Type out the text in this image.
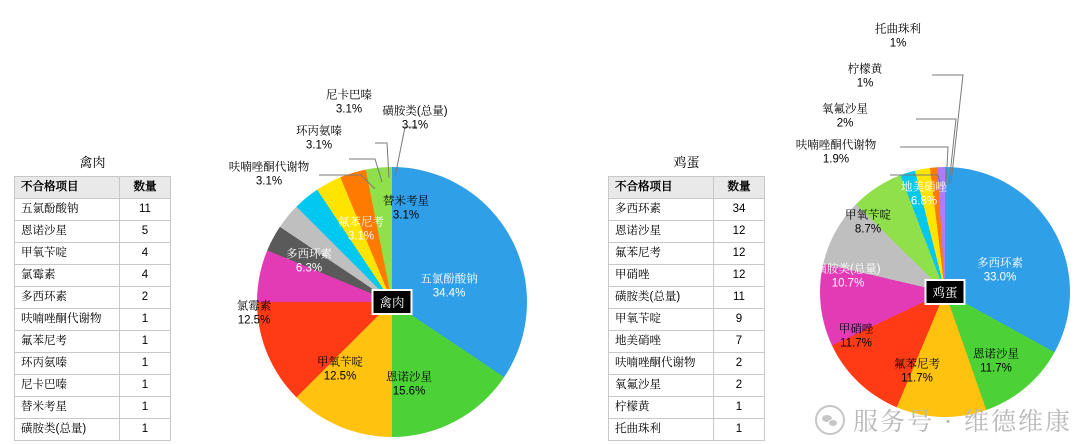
禽肉
不合格项目	数量
五氯酚酸钠	11
恩诺沙星	5
甲氧苄啶	4
氯霉素	4
多西环素	2
呋喃唑酮代谢物	1
氟苯尼考	1
环丙氨嗪	1
尼卡巴嗪	1
替米考星	1
磺胺类(总量)	1
禽肉
五氯酚酸钠
34.4%
恩诺沙星
15.6%
甲氧苄啶
12.5%
氯霉素
12.5%
多西环素
6.3%
呋喃唑酮代谢物
3.1%
氟苯尼考
3.1%
环丙氨嗪
3.1%
尼卡巴嗪
3.1%
替米考星
3.1%
磺胺类(总量)
3.1%
鸡蛋
不合格项目	数量
多西环素	34
恩诺沙星	12
氟苯尼考	12
甲硝唑	12
磺胺类(总量)	11
甲氧苄啶	9
地美硝唑	7
呋喃唑酮代谢物	2
氧氟沙星	2
柠檬黄	1
托曲珠利	1
鸡蛋
多西环素
33.0%
恩诺沙星
11.7%
氟苯尼考
11.7%
甲硝唑
11.7%
磺胺类(总量)
10.7%
甲氧苄啶
8.7%
地美硝唑
6.8%
呋喃唑酮代谢物
1.9%
氧氟沙星
2%
柠檬黄
1%
托曲珠利
1%
服务号 · 维德维康
